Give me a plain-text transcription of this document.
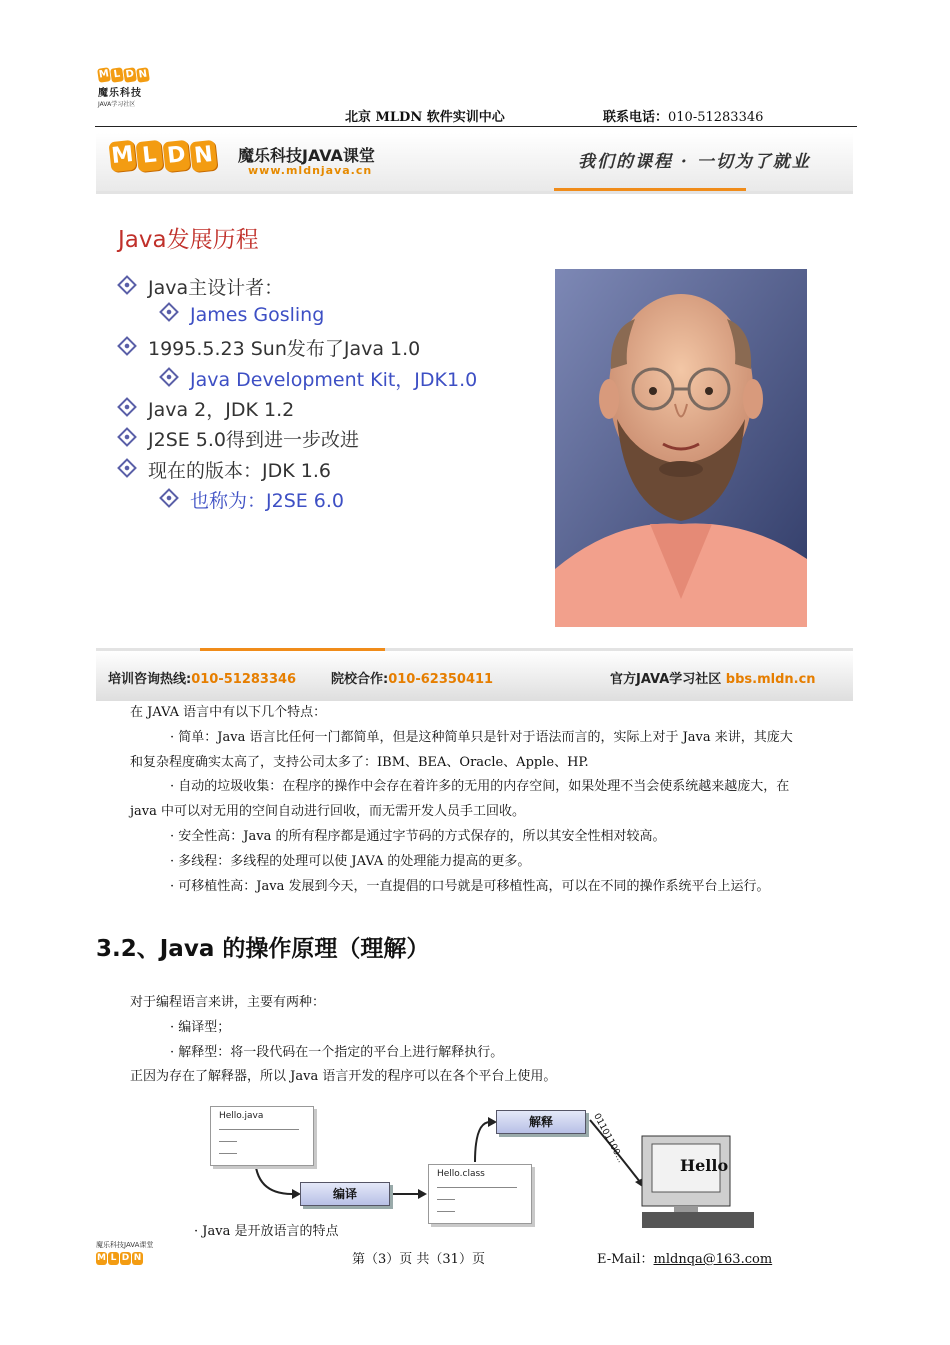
M L D N
魔乐科技
JAVA学习社区
北京 MLDN 软件实训中心	联系电话：010-51283346
M L D N 魔乐科技JAVA课堂
www.mldnjava.cn	我们的课程 · 一切为了就业
Java发展历程
Java主设计者：
James Gosling
1995.5.23 Sun发布了Java 1.0
Java Development Kit，JDK1.0
Java 2，JDK 1.2
J2SE 5.0得到进一步改进
现在的版本：JDK 1.6
也称为：J2SE 6.0
培训咨询热线:010-51283346	院校合作:010-62350411	官方JAVA学习社区 bbs.mldn.cn
在 JAVA 语言中有以下几个特点：
· 简单：Java 语言比任何一门都简单，但是这种简单只是针对于语法而言的，实际上对于 Java 来讲，其庞大
和复杂程度确实太高了，支持公司太多了：IBM、BEA、Oracle、Apple、HP.
· 自动的垃圾收集：在程序的操作中会存在着许多的无用的内存空间，如果处理不当会使系统越来越庞大，在
java 中可以对无用的空间自动进行回收，而无需开发人员手工回收。
· 安全性高：Java 的所有程序都是通过字节码的方式保存的，所以其安全性相对较高。
· 多线程：多线程的处理可以使 JAVA 的处理能力提高的更多。
· 可移植性高：Java 发展到今天，一直提倡的口号就是可移植性高，可以在不同的操作系统平台上运行。
3.2、Java 的操作原理（理解）
对于编程语言来讲，主要有两种：
· 编译型；
· 解释型：将一段代码在一个指定的平台上进行解释执行。
正因为存在了解释器，所以 Java 语言开发的程序可以在各个平台上使用。
Hello.java
编译
Hello.class
解释	01101100...
Hello
· Java 是开放语言的特点
魔乐科技JAVA课堂
M L D N	第（3）页 共（31）页	E-Mail：mldnqa@163.com
